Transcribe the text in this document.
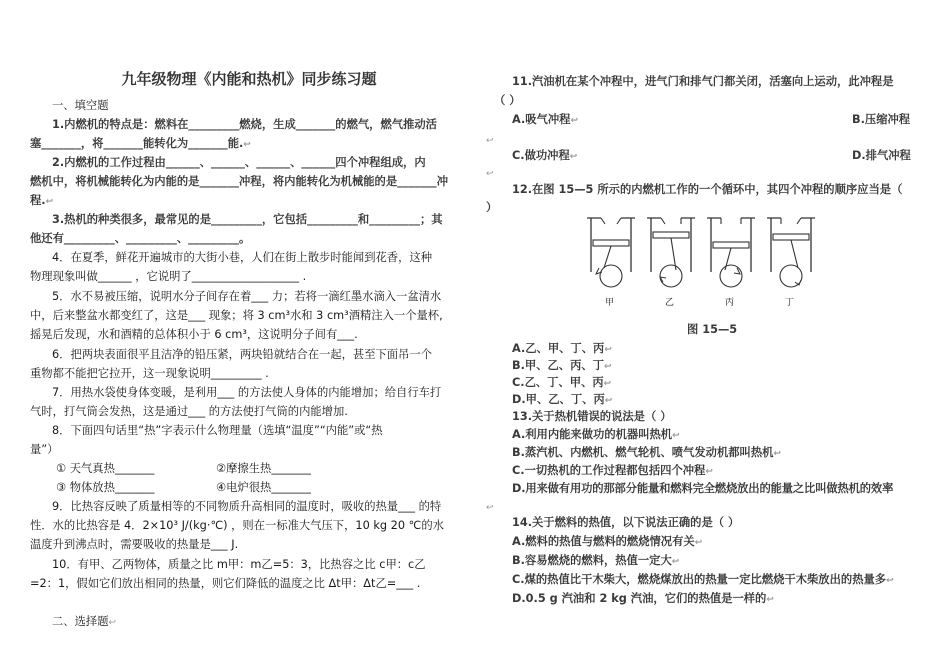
九年级物理《内能和热机》同步练习题
一、填空题
1.内燃机的特点是：燃料在_________燃烧，生成_______的燃气，燃气推动活
塞_______，将_______能转化为_______能.↩
2.内燃机的工作过程由______、______、______、______四个冲程组成，内
燃机中，将机械能转化为内能的是_______冲程，将内能转化为机械能的是_______冲
程.↩
3.热机的种类很多，最常见的是_________，它包括_________和_________；其
他还有_________、_________、_________。
4．在夏季，鲜花开遍城市的大街小巷，人们在街上散步时能闻到花香，这种
物理现象叫做______ ，它说明了___________________ .
5．水不易被压缩，说明水分子间存在着___ 力；若将一滴红墨水滴入一盆清水
中，后来整盆水都变红了，这是___ 现象；将 3 cm³水和 3 cm³酒精注入一个量杯,
摇晃后发现，水和酒精的总体积小于 6 cm³，这说明分子间有___.
6．把两块表面很平且洁净的铅压紧，两块铅就结合在一起，甚至下面吊一个
重物都不能把它拉开，这一现象说明_________ .
7．用热水袋使身体变暖，是利用___ 的方法使人身体的内能增加；给自行车打
气时，打气筒会发热，这是通过___ 的方法使打气筒的内能增加.
8．下面四句话里“热”字表示什么物理量（选填“温度”“内能”或“热
量”）
① 天气真热_______	②摩擦生热_______
③ 物体放热_______	④电炉很热_______
9．比热容反映了质量相等的不同物质升高相同的温度时，吸收的热量___ 的特
性．水的比热容是 4．2×10³ J/(kg·℃) ，则在一标准大气压下，10 kg 20 ℃的水
温度升到沸点时，需要吸收的热量是___ J.
10．有甲、乙两物体，质量之比 m甲：m乙=5：3，比热容之比 c甲：c乙
=2：1，假如它们放出相同的热量，则它们降低的温度之比 Δt甲：Δt乙=___ .
二、选择题↩
11.汽油机在某个冲程中，进气门和排气门都关闭，活塞向上运动，此冲程是
（ ）
A.吸气冲程↩	B.压缩冲程
↩
C.做功冲程↩	D.排气冲程
↩
12.在图 15—5 所示的内燃机工作的一个循环中，其四个冲程的顺序应当是（
）
甲	乙	丙	丁
图 15—5
A.乙、甲、丁、丙↩
B.甲、乙、丙、丁↩
C.乙、丁、甲、丙↩
D.甲、乙、丁、丙↩
13.关于热机错误的说法是（ ）
A.利用内能来做功的机器叫热机↩
B.蒸汽机、内燃机、燃气轮机、喷气发动机都叫热机↩
C.一切热机的工作过程都包括四个冲程↩
D.用来做有用功的那部分能量和燃料完全燃烧放出的能量之比叫做热机的效率
↩
14.关于燃料的热值，以下说法正确的是（ ）
A.燃料的热值与燃料的燃烧情况有关↩
B.容易燃烧的燃料，热值一定大↩
C.煤的热值比干木柴大，燃烧煤放出的热量一定比燃烧干木柴放出的热量多↩
D.0.5 g 汽油和 2 kg 汽油，它们的热值是一样的↩
